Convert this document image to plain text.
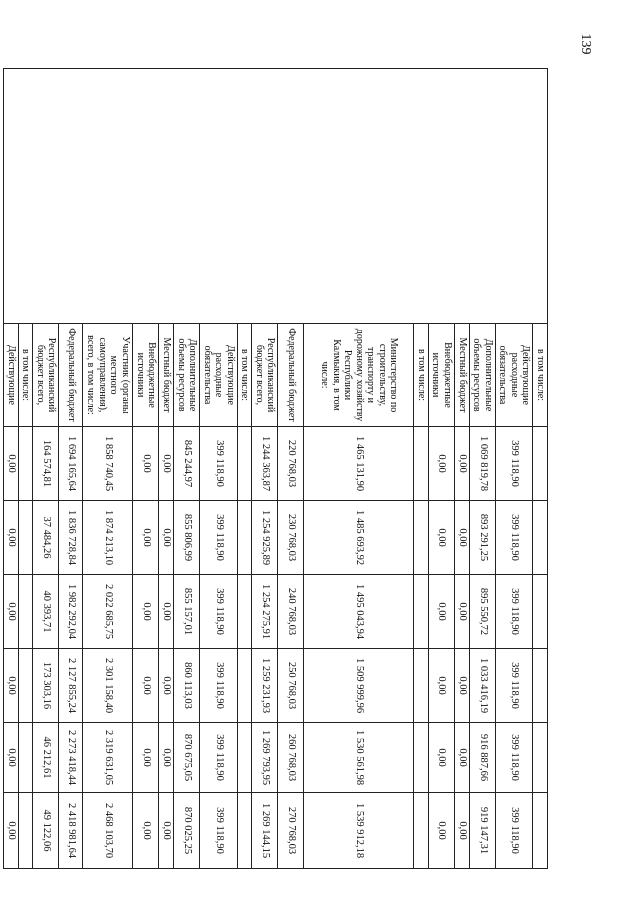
139
	в том числе:						
	Действующие расходные обязательства	399 118,90	399 118,90	399 118,90	399 118,90	399 118,90	399 118,90
	Дополнительные объемы ресурсов	1 069 819,78	893 291,25	895 550,72	1 033 416,19	916 887,66	919 147,31
	Местный бюджет	0,00	0,00	0,00	0,00	0,00	0,00
	Внебюджетные источники	0,00	0,00	0,00	0,00	0,00	0,00
	в том числе:						
	Министерство по строительству, транспорту и дорожному хозяйству Республики Калмыкия, в том числе:	1 465 131,90	1 485 693,92	1 495 043,94	1 509 999,96	1 530 561,98	1 539 912,18
	Федеральный бюджет	220 768,03	230 768,03	240 768,03	250 768,03	260 768,03	270 768,03
	Республиканский бюджет всего,	1 244 363,87	1 254 925,89	1 254 275,91	1 259 231,93	1 269 793,95	1 269 144,15
	в том числе:						
	Действующие расходные обязательства	399 118,90	399 118,90	399 118,90	399 118,90	399 118,90	399 118,90
	Дополнительные объемы ресурсов	845 244,97	855 806,99	855 157,01	860 113,03	870 675,05	870 025,25
	Местный бюджет	0,00	0,00	0,00	0,00	0,00	0,00
	Внебюджетные источники	0,00	0,00	0,00	0,00	0,00	0,00
	Участник (органы местного самоуправления), всего, в том числе:	1 858 740,45	1 874 213,10	2 022 685,75	2 301 158,40	2 319 631,05	2 468 103,70
	Федеральный бюджет	1 694 165,64	1 836 728,84	1 982 292,04	2 127 855,24	2 273 418,44	2 418 981,64
	Республиканский бюджет всего,	164 574,81	37 484,26	40 393,71	173 303,16	46 212,61	49 122,06
	в том числе:						
	Действующие	0,00	0,00	0,00	0,00	0,00	0,00
